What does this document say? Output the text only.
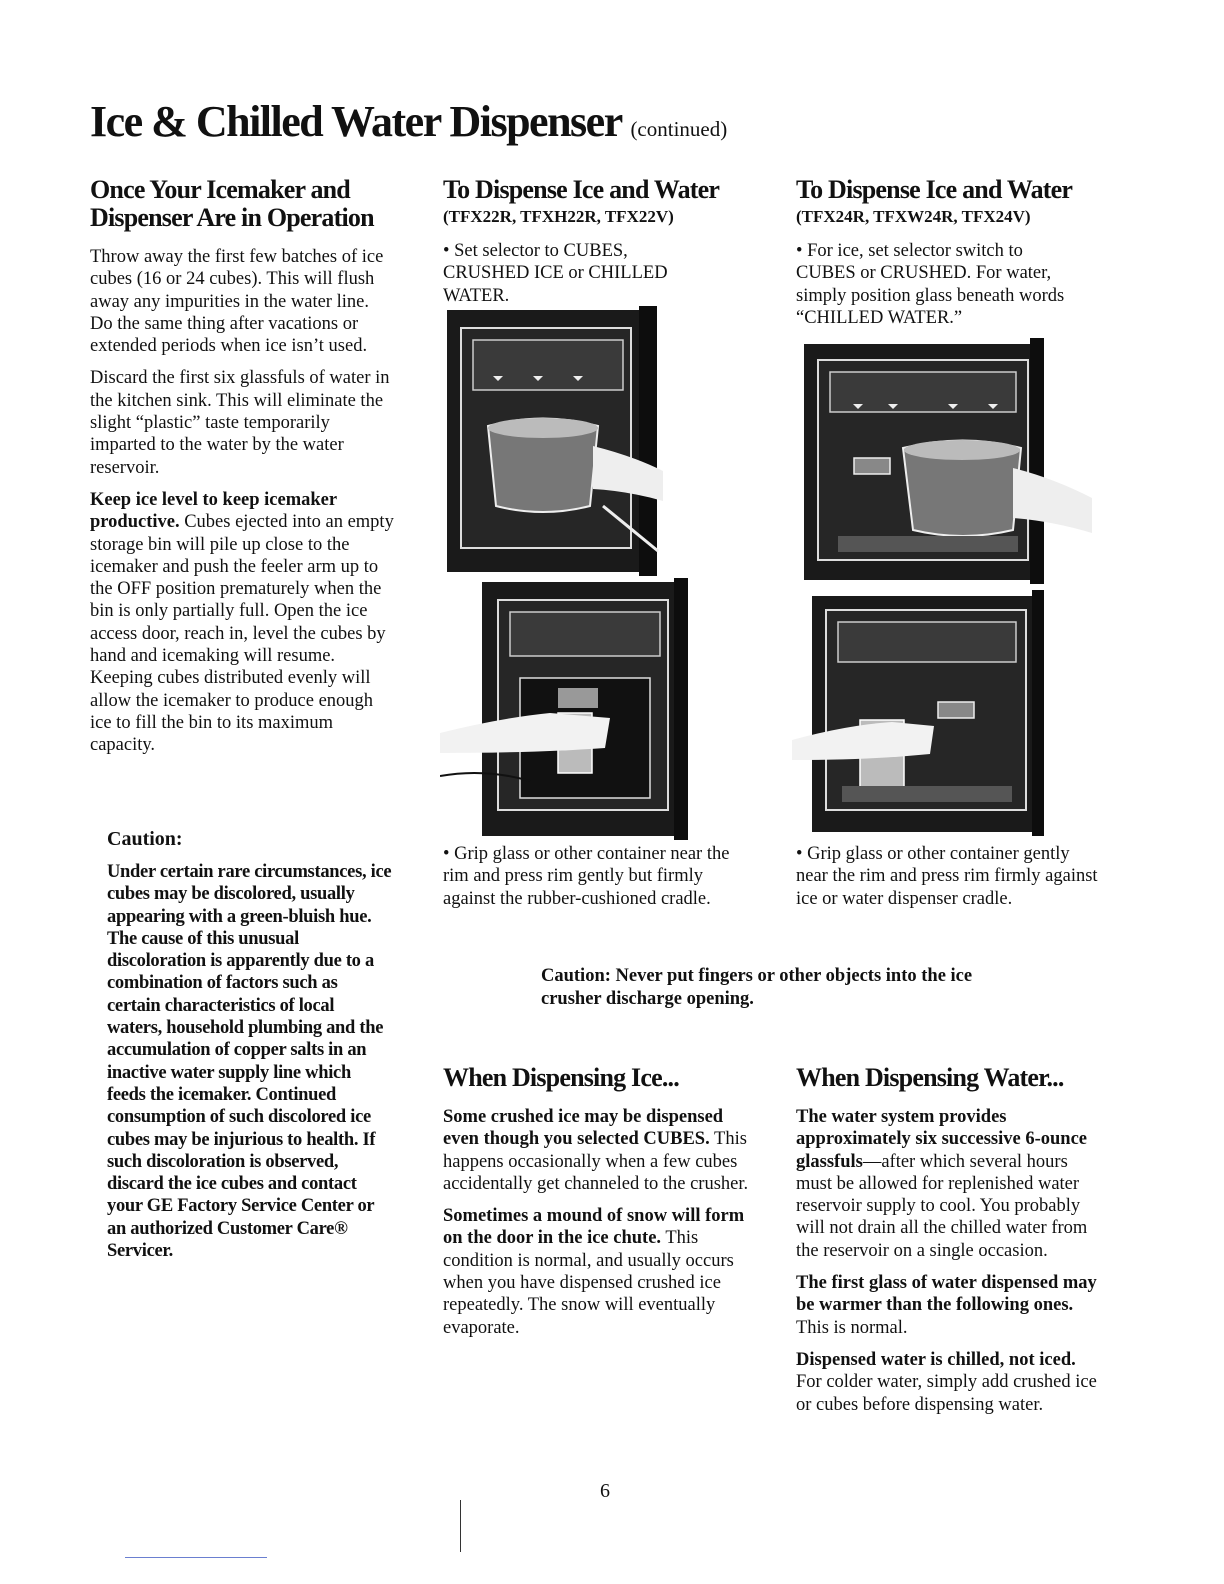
Ice & Chilled Water Dispenser (continued)
Once Your Icemaker and Dispenser Are in Operation

Throw away the first few batches of ice cubes (16 or 24 cubes). This will flush away any impurities in the water line. Do the same thing after vacations or extended periods when ice isn’t used.

Discard the first six glassfuls of water in the kitchen sink. This will eliminate the slight “plastic” taste temporarily imparted to the water by the water reservoir.

Keep ice level to keep icemaker productive. Cubes ejected into an empty storage bin will pile up close to the icemaker and push the feeler arm up to the OFF position prematurely when the bin is only partially full. Open the ice access door, reach in, level the cubes by hand and icemaking will resume. Keeping cubes distributed evenly will allow the icemaker to produce enough ice to fill the bin to its maximum capacity.

Caution:
Under certain rare circumstances, ice cubes may be discolored, usually appearing with a green-bluish hue. The cause of this unusual discoloration is apparently due to a combination of factors such as certain characteristics of local waters, household plumbing and the accumulation of copper salts in an inactive water supply line which feeds the icemaker. Continued consumption of such discolored ice cubes may be injurious to health. If such discoloration is observed, discard the ice cubes and contact your GE Factory Service Center or an authorized Customer Care® Servicer.
To Dispense Ice and Water
(TFX22R, TFXH22R, TFX22V)

• Set selector to CUBES, CRUSHED ICE or CHILLED WATER.

• Grip glass or other container near the rim and press rim gently but firmly against the rubber-cushioned cradle.

To Dispense Ice and Water
(TFX24R, TFXW24R, TFX24V)

• For ice, set selector switch to CUBES or CRUSHED. For water, simply position glass beneath words “CHILLED WATER.”

• Grip glass or other container gently near the rim and press rim firmly against ice or water dispenser cradle.

Caution: Never put fingers or other objects into the ice crusher discharge opening.
When Dispensing Ice...

Some crushed ice may be dispensed even though you selected CUBES. This happens occasionally when a few cubes accidentally get channeled to the crusher.

Sometimes a mound of snow will form on the door in the ice chute. This condition is normal, and usually occurs when you have dispensed crushed ice repeatedly. The snow will eventually evaporate.

When Dispensing Water...

The water system provides approximately six successive 6-ounce glassfuls—after which several hours must be allowed for replenished water reservoir supply to cool. You probably will not drain all the chilled water from the reservoir on a single occasion.

The first glass of water dispensed may be warmer than the following ones. This is normal.

Dispensed water is chilled, not iced. For colder water, simply add crushed ice or cubes before dispensing water.

6
